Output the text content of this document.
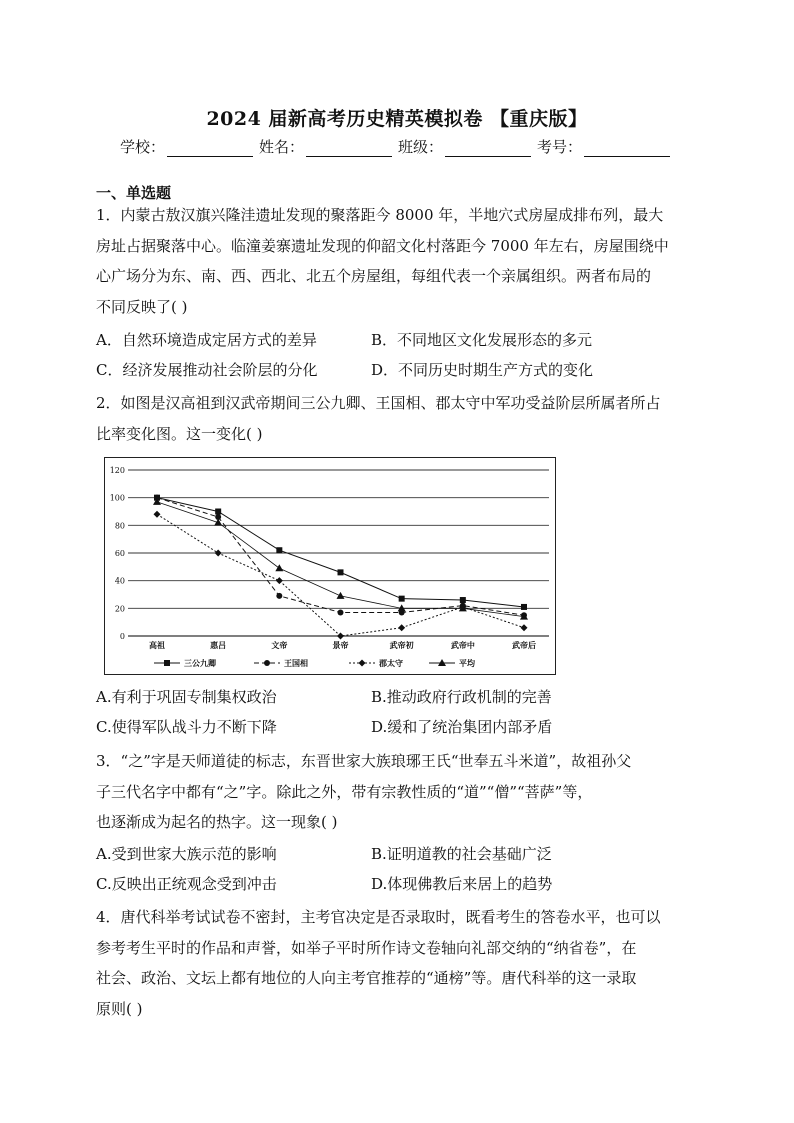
2024 届新高考历史精英模拟卷 【重庆版】
学校：	姓名：	班级：	考号：
一、单选题
1．内蒙古敖汉旗兴隆洼遗址发现的聚落距今 8000 年，半地穴式房屋成排布列，最大
房址占据聚落中心。临潼姜寨遗址发现的仰韶文化村落距今 7000 年左右，房屋围绕中
心广场分为东、南、西、西北、北五个房屋组，每组代表一个亲属组织。两者布局的
不同反映了( )
A．自然环境造成定居方式的差异	B．不同地区文化发展形态的多元
C．经济发展推动社会阶层的分化	D．不同历史时期生产方式的变化
2．如图是汉高祖到汉武帝期间三公九卿、王国相、郡太守中军功受益阶层所属者所占
比率变化图。这一变化( )
0
20
40
60
80
100
120
高祖	惠吕	文帝	景帝	武帝初	武帝中	武帝后
三公九卿	王国相	郡太守	平均
A.有利于巩固专制集权政治	B.推动政府行政机制的完善
C.使得军队战斗力不断下降	D.缓和了统治集团内部矛盾
3．“之”字是天师道徒的标志，东晋世家大族琅琊王氏“世奉五斗米道”，故祖孙父
子三代名字中都有“之”字。除此之外，带有宗教性质的“道”“僧”“菩萨”等，
也逐渐成为起名的热字。这一现象( )
A.受到世家大族示范的影响	B.证明道教的社会基础广泛
C.反映出正统观念受到冲击	D.体现佛教后来居上的趋势
4．唐代科举考试试卷不密封，主考官决定是否录取时，既看考生的答卷水平，也可以
参考考生平时的作品和声誉，如举子平时所作诗文卷轴向礼部交纳的“纳省卷”，在
社会、政治、文坛上都有地位的人向主考官推荐的“通榜”等。唐代科举的这一录取
原则( )
